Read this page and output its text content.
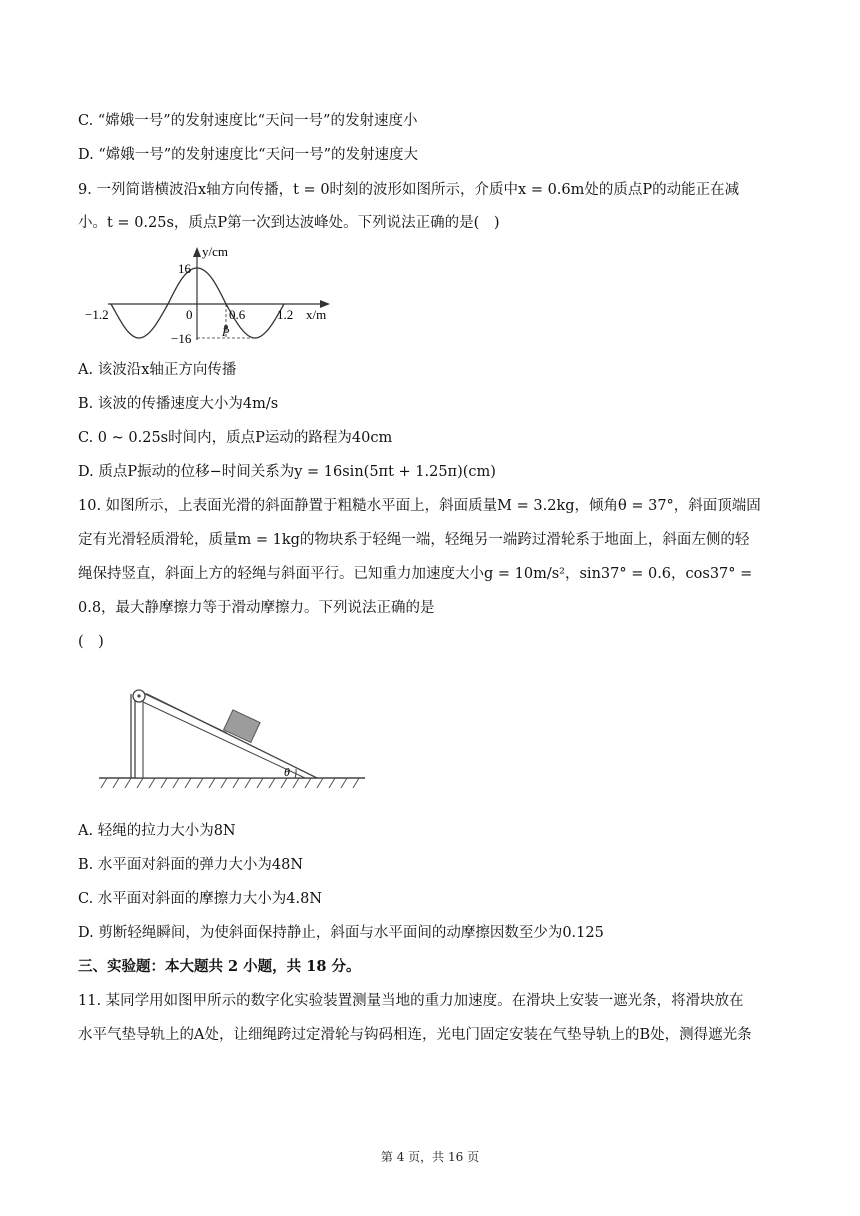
C. “嫦娥一号”的发射速度比“天问一号”的发射速度小
D. “嫦娥一号”的发射速度比“天问一号”的发射速度大
9. 一列简谐横波沿x轴方向传播，t = 0时刻的波形如图所示，介质中x = 0.6m处的质点P的动能正在减
小。t = 0.25s，质点P第一次到达波峰处。下列说法正确的是(　)
y/cm
x/m
16
−16
−1.2	0	0.6 1.2
P
A. 该波沿x轴正方向传播
B. 该波的传播速度大小为4m/s
C. 0 ~ 0.25s时间内，质点P运动的路程为40cm
D. 质点P振动的位移−时间关系为y = 16sin(5πt + 1.25π)(cm)
10. 如图所示，上表面光滑的斜面静置于粗糙水平面上，斜面质量M = 3.2kg，倾角θ = 37°，斜面顶端固
定有光滑轻质滑轮，质量m = 1kg的物块系于轻绳一端，轻绳另一端跨过滑轮系于地面上，斜面左侧的轻
绳保持竖直，斜面上方的轻绳与斜面平行。已知重力加速度大小g = 10m/s²，sin37° = 0.6，cos37° =
0.8，最大静摩擦力等于滑动摩擦力。下列说法正确的是
(　)
θ
A. 轻绳的拉力大小为8N
B. 水平面对斜面的弹力大小为48N
C. 水平面对斜面的摩擦力大小为4.8N
D. 剪断轻绳瞬间，为使斜面保持静止，斜面与水平面间的动摩擦因数至少为0.125
三、实验题：本大题共 2 小题，共 18 分。
11. 某同学用如图甲所示的数字化实验装置测量当地的重力加速度。在滑块上安装一遮光条，将滑块放在
水平气垫导轨上的A处，让细绳跨过定滑轮与钩码相连，光电门固定安装在气垫导轨上的B处，测得遮光条
第 4 页，共 16 页
